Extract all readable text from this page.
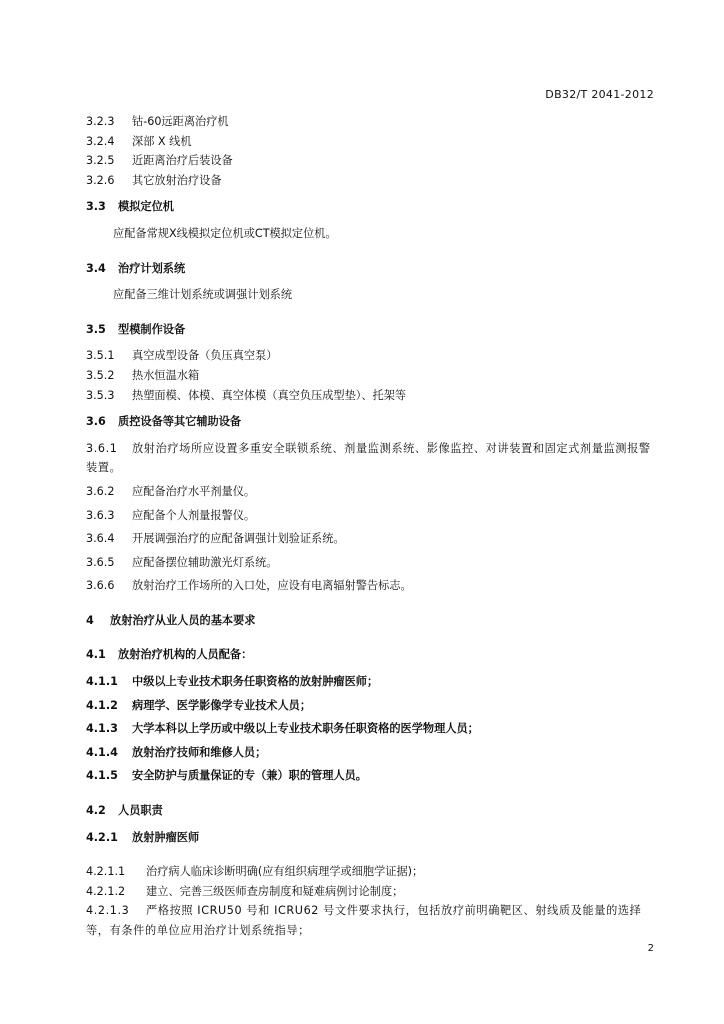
DB32/T 2041-2012
3.2.3 钴-60远距离治疗机
3.2.4 深部 X 线机
3.2.5 近距离治疗后装设备
3.2.6 其它放射治疗设备
3.3 模拟定位机
应配备常规X线模拟定位机或CT模拟定位机。
3.4 治疗计划系统
应配备三维计划系统或调强计划系统
3.5 型模制作设备
3.5.1 真空成型设备（负压真空泵）
3.5.2 热水恒温水箱
3.5.3 热塑面模、体模、真空体模（真空负压成型垫）、托架等
3.6 质控设备等其它辅助设备
3.6.1 放射治疗场所应设置多重安全联锁系统、剂量监测系统、影像监控、对讲装置和固定式剂量监测报警装置。
3.6.2 应配备治疗水平剂量仪。
3.6.3 应配备个人剂量报警仪。
3.6.4 开展调强治疗的应配备调强计划验证系统。
3.6.5 应配备摆位辅助激光灯系统。
3.6.6 放射治疗工作场所的入口处，应设有电离辐射警告标志。
4 放射治疗从业人员的基本要求
4.1 放射治疗机构的人员配备：
4.1.1 中级以上专业技术职务任职资格的放射肿瘤医师；
4.1.2 病理学、医学影像学专业技术人员；
4.1.3 大学本科以上学历或中级以上专业技术职务任职资格的医学物理人员；
4.1.4 放射治疗技师和维修人员；
4.1.5 安全防护与质量保证的专（兼）职的管理人员。
4.2 人员职责
4.2.1 放射肿瘤医师
4.2.1.1 治疗病人临床诊断明确(应有组织病理学或细胞学证据)；
4.2.1.2 建立、完善三级医师查房制度和疑难病例讨论制度；
4.2.1.3 严格按照 ICRU50 号和 ICRU62 号文件要求执行，包括放疗前明确靶区、射线质及能量的选择等，有条件的单位应用治疗计划系统指导；
2
